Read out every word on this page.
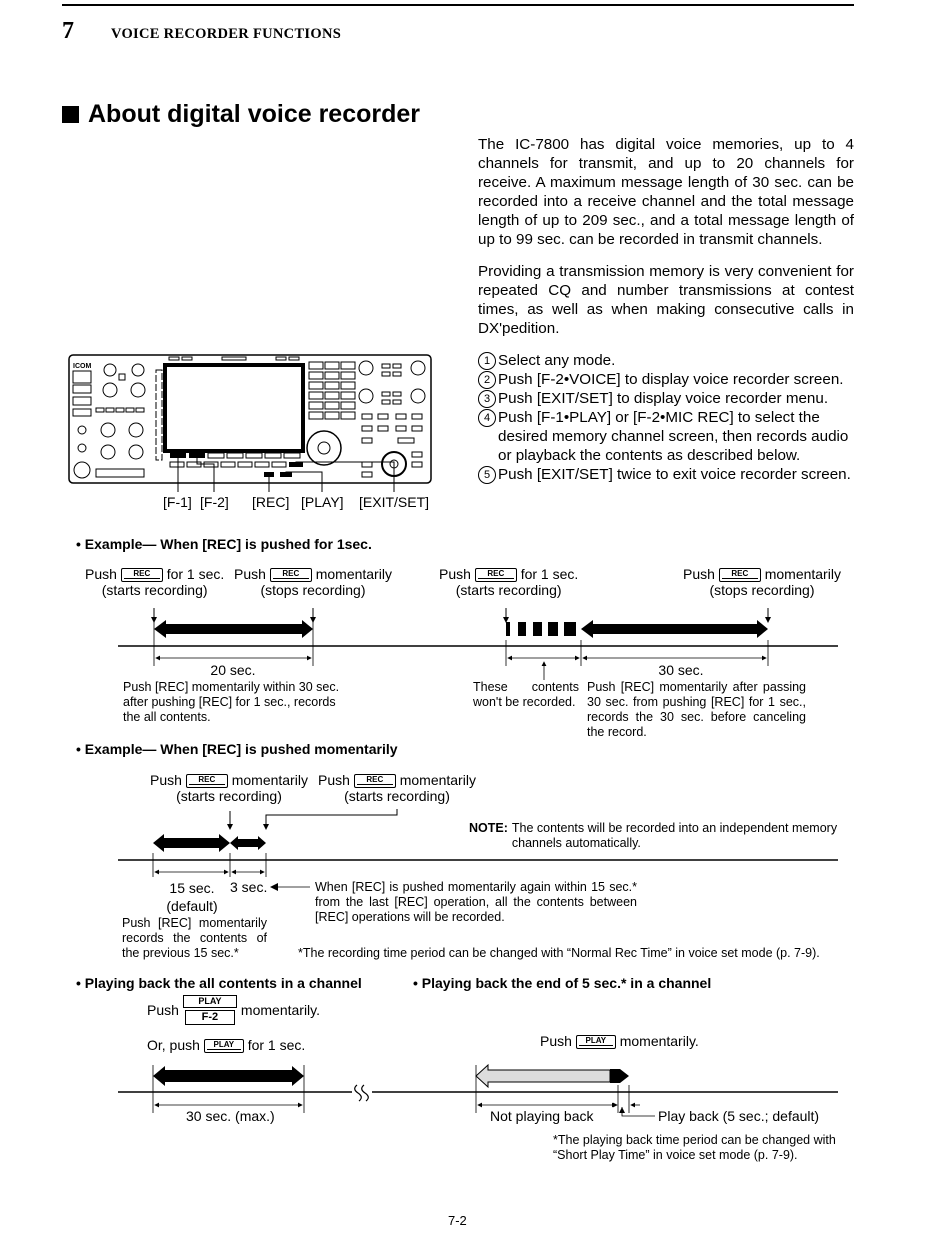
7	VOICE RECORDER FUNCTIONS
About digital voice recorder
The IC-7800 has digital voice memories, up to 4 channels for transmit, and up to 20 channels for receive. A maximum message length of 30 sec. can be recorded into a receive channel and the total message length of up to 209 sec., and a total message length of up to 99 sec. can be recorded in transmit channels.
Providing a transmission memory is very convenient for repeated CQ and number transmissions at contest times, as well as when making consecutive calls in DX'pedition.
1 Select any mode.
2 Push [F-2•VOICE] to display voice recorder screen.
3 Push [EXIT/SET] to display voice recorder menu.
4 Push [F-1•PLAY] or [F-2•MIC REC] to select the desired memory channel screen, then records audio or playback the contents as described below.
5 Push [EXIT/SET] twice to exit voice recorder screen.
ICOM
[F-1] [F-2] [REC] [PLAY] [EXIT/SET]
• Example— When [REC] is pushed for 1sec.
Push REC for 1 sec.
(starts recording)
Push REC momentarily
(stops recording)
Push REC for 1 sec.
(starts recording)
Push REC momentarily
(stops recording)
20 sec.	30 sec.
Push [REC] momentarily within 30 sec. after pushing [REC] for 1 sec., records the all contents.
These contents won't be recorded.
Push [REC] momentarily after passing 30 sec. from pushing [REC] for 1 sec., records the 30 sec. before canceling the record.
• Example— When [REC] is pushed momentarily
Push REC momentarily
(starts recording)
Push REC momentarily
(starts recording)
NOTE: The contents will be recorded into an independent memory channels automatically.
15 sec.
(default)
3 sec.	When [REC] is pushed momentarily again within 15 sec.* from the last [REC] operation, all the contents between [REC] operations will be recorded.
Push [REC] momentarily records the contents of the previous 15 sec.*	*The recording time period can be changed with “Normal Rec Time” in voice set mode (p. 7-9).
• Playing back the all contents in a channel	• Playing back the end of 5 sec.* in a channel
Push
PLAY
F-2	momentarily.
Or, push PLAY for 1 sec.	Push PLAY momentarily.
30 sec. (max.)	Not playing back	Play back (5 sec.; default)
*The playing back time period can be changed with “Short Play Time” in voice set mode (p. 7-9).
7-2
